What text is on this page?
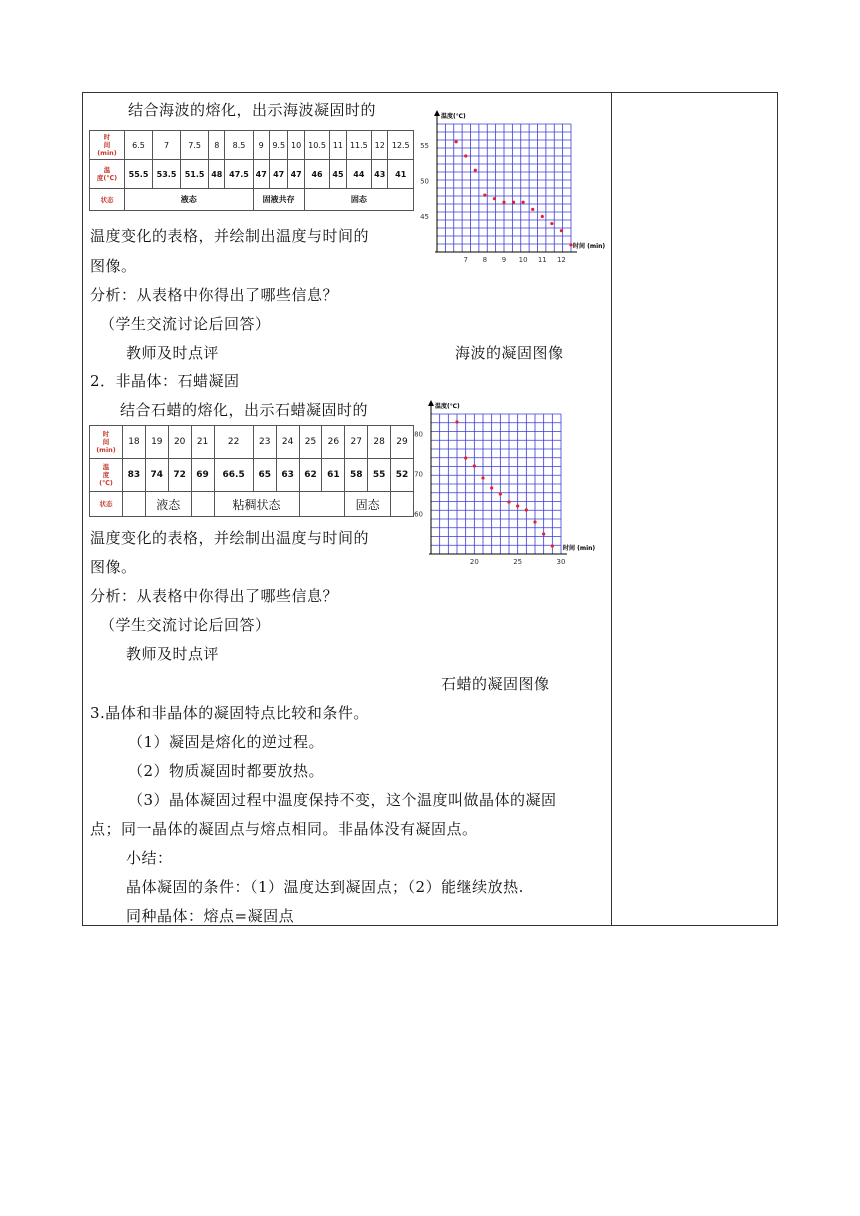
结合海波的熔化，出示海波凝固时的
时
间
(min)	6.5	7	7.5	8	8.5	9	9.5	10	10.5	11	11.5	12	12.5
温
度(℃)	55.5	53.5	51.5	48	47.5	47	47	47	46	45	44	43	41
状态	液态					固液共存			固态				
温度(℃)
时间 (min)
7 8 9 10 11 12
45
50
55
温度变化的表格，并绘制出温度与时间的
图像。
分析：从表格中你得出了哪些信息？
（学生交流讨论后回答）
教师及时点评	海波的凝固图像
2．非晶体：石蜡凝固
结合石蜡的熔化，出示石蜡凝固时的
时
间
(min)	18	19	20	21	22	23	24	25	26	27	28	29
温
度
(℃)	83	74	72	69	66.5	65	63	62	61	58	55	52
状态		液态			粘稠状态					固态		
温度(℃)
时间 (min)
20	25	30
60
70
80
温度变化的表格，并绘制出温度与时间的
图像。
分析：从表格中你得出了哪些信息？
（学生交流讨论后回答）
教师及时点评
石蜡的凝固图像
3.晶体和非晶体的凝固特点比较和条件。
（1）凝固是熔化的逆过程。
（2）物质凝固时都要放热。
（3）晶体凝固过程中温度保持不变，这个温度叫做晶体的凝固
点；同一晶体的凝固点与熔点相同。非晶体没有凝固点。
小结：
晶体凝固的条件：（1）温度达到凝固点；（2）能继续放热.
同种晶体：熔点=凝固点
